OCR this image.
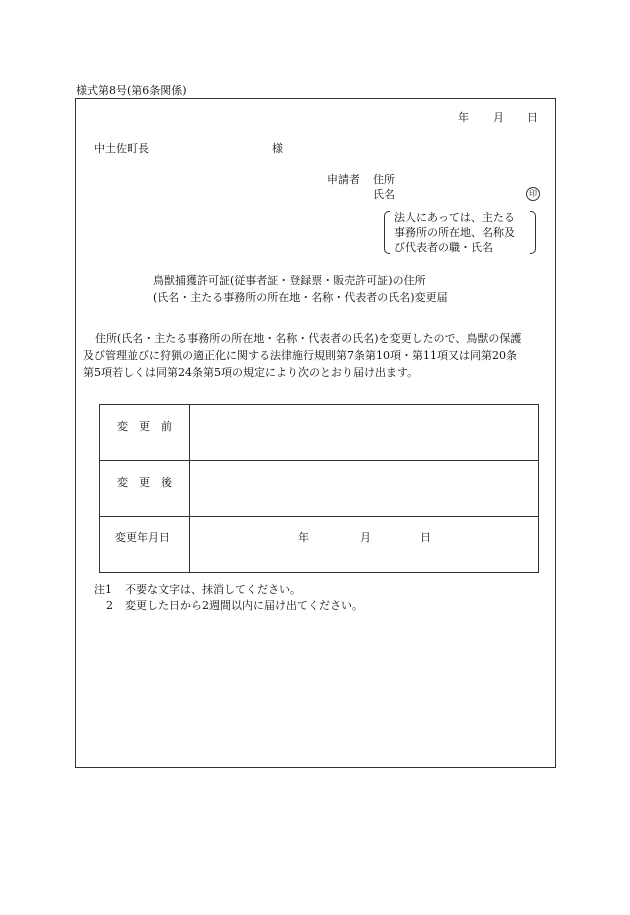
様式第8号(第6条関係)
年 月 日
中土佐町長	様
申請者 住所
氏名	印
法人にあっては、主たる
事務所の所在地、名称及
び代表者の職・氏名
鳥獣捕獲許可証(従事者証・登録票・販売許可証)の住所
(氏名・主たる事務所の所在地・名称・代表者の氏名)変更届
住所(氏名・主たる事務所の所在地・名称・代表者の氏名)を変更したので、鳥獣の保護
及び管理並びに狩猟の適正化に関する法律施行規則第7条第10項・第11項又は同第20条
第5項若しくは同第24条第5項の規定により次のとおり届け出ます。
変　更　前
変　更　後
変更年月日	年	月	日
注1 不要な文字は、抹消してください。
2 変更した日から2週間以内に届け出てください。
